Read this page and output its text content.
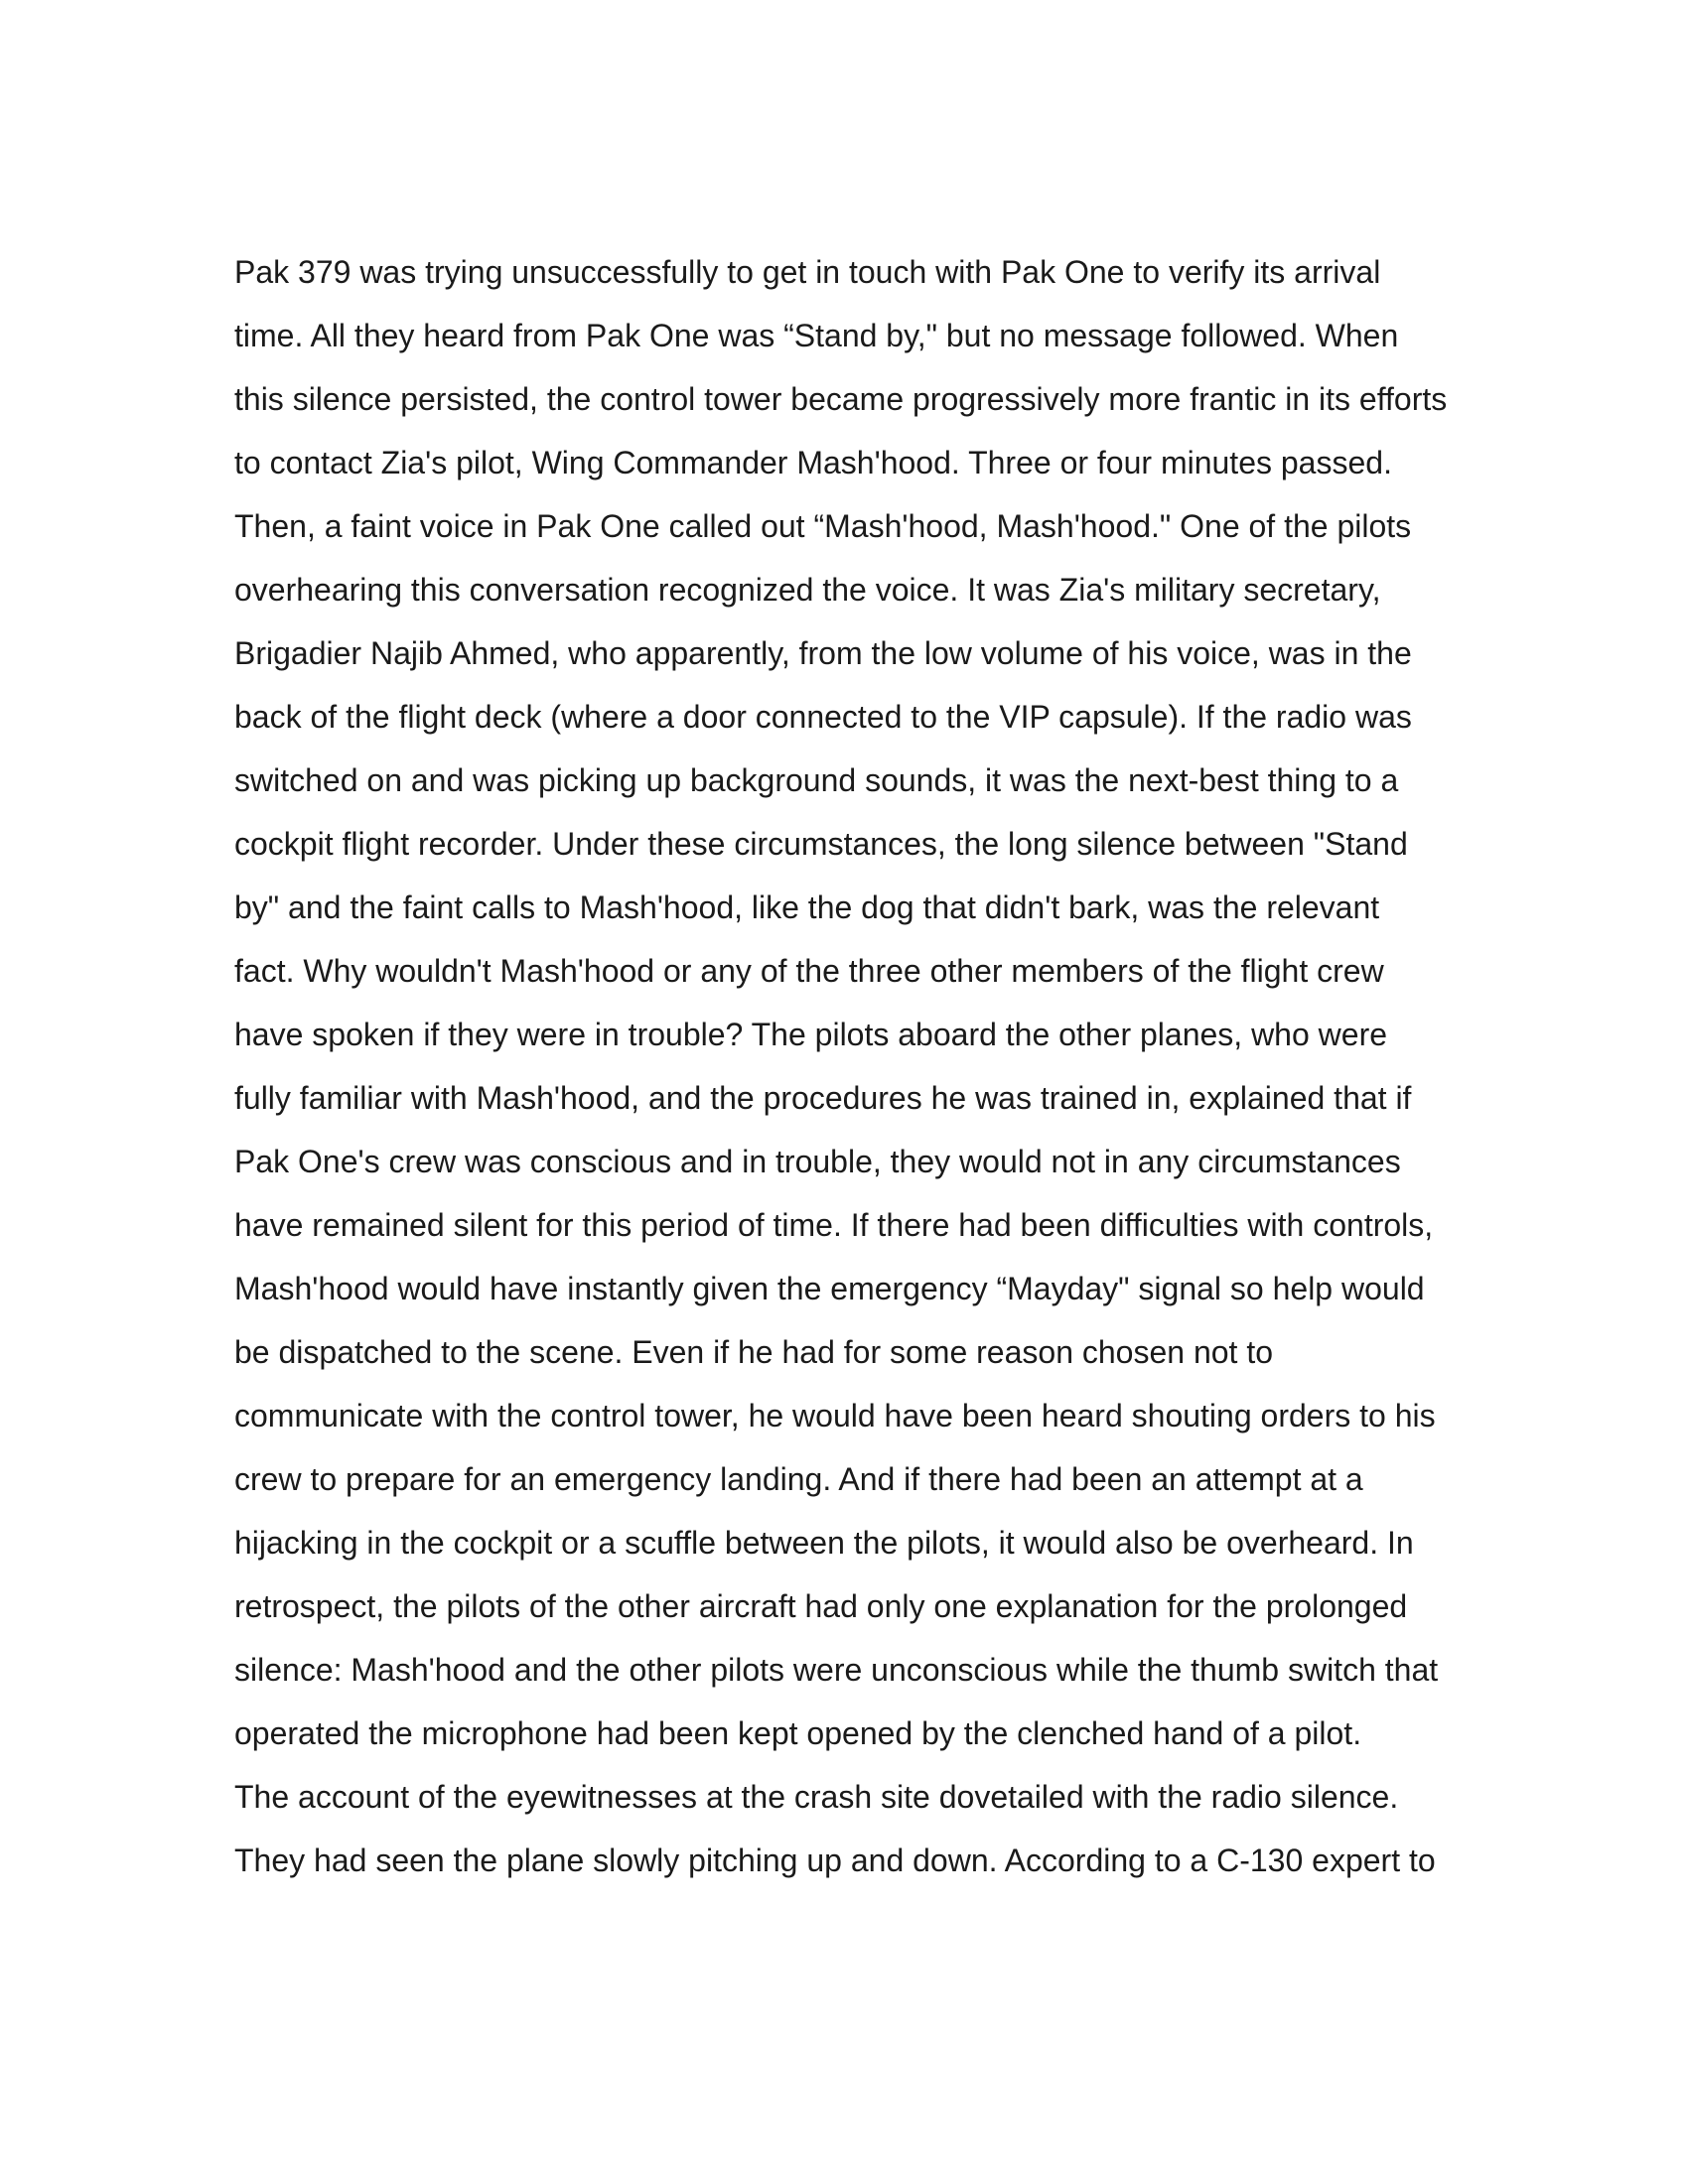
Pak 379 was trying unsuccessfully to get in touch with Pak One to verify its arrival
time. All they heard from Pak One was “Stand by," but no message followed. When
this silence persisted, the control tower became progressively more frantic in its efforts
to contact Zia's pilot, Wing Commander Mash'hood. Three or four minutes passed.
Then, a faint voice in Pak One called out “Mash'hood, Mash'hood." One of the pilots
overhearing this conversation recognized the voice. It was Zia's military secretary,
Brigadier Najib Ahmed, who apparently, from the low volume of his voice, was in the
back of the flight deck (where a door connected to the VIP capsule). If the radio was
switched on and was picking up background sounds, it was the next-best thing to a
cockpit flight recorder. Under these circumstances, the long silence between "Stand
by" and the faint calls to Mash'hood, like the dog that didn't bark, was the relevant
fact. Why wouldn't Mash'hood or any of the three other members of the flight crew
have spoken if they were in trouble? The pilots aboard the other planes, who were
fully familiar with Mash'hood, and the procedures he was trained in, explained that if
Pak One's crew was conscious and in trouble, they would not in any circumstances
have remained silent for this period of time. If there had been difficulties with controls,
Mash'hood would have instantly given the emergency “Mayday" signal so help would
be dispatched to the scene. Even if he had for some reason chosen not to
communicate with the control tower, he would have been heard shouting orders to his
crew to prepare for an emergency landing. And if there had been an attempt at a
hijacking in the cockpit or a scuffle between the pilots, it would also be overheard. In
retrospect, the pilots of the other aircraft had only one explanation for the prolonged
silence: Mash'hood and the other pilots were unconscious while the thumb switch that
operated the microphone had been kept opened by the clenched hand of a pilot.
The account of the eyewitnesses at the crash site dovetailed with the radio silence.
They had seen the plane slowly pitching up and down. According to a C-130 expert to
